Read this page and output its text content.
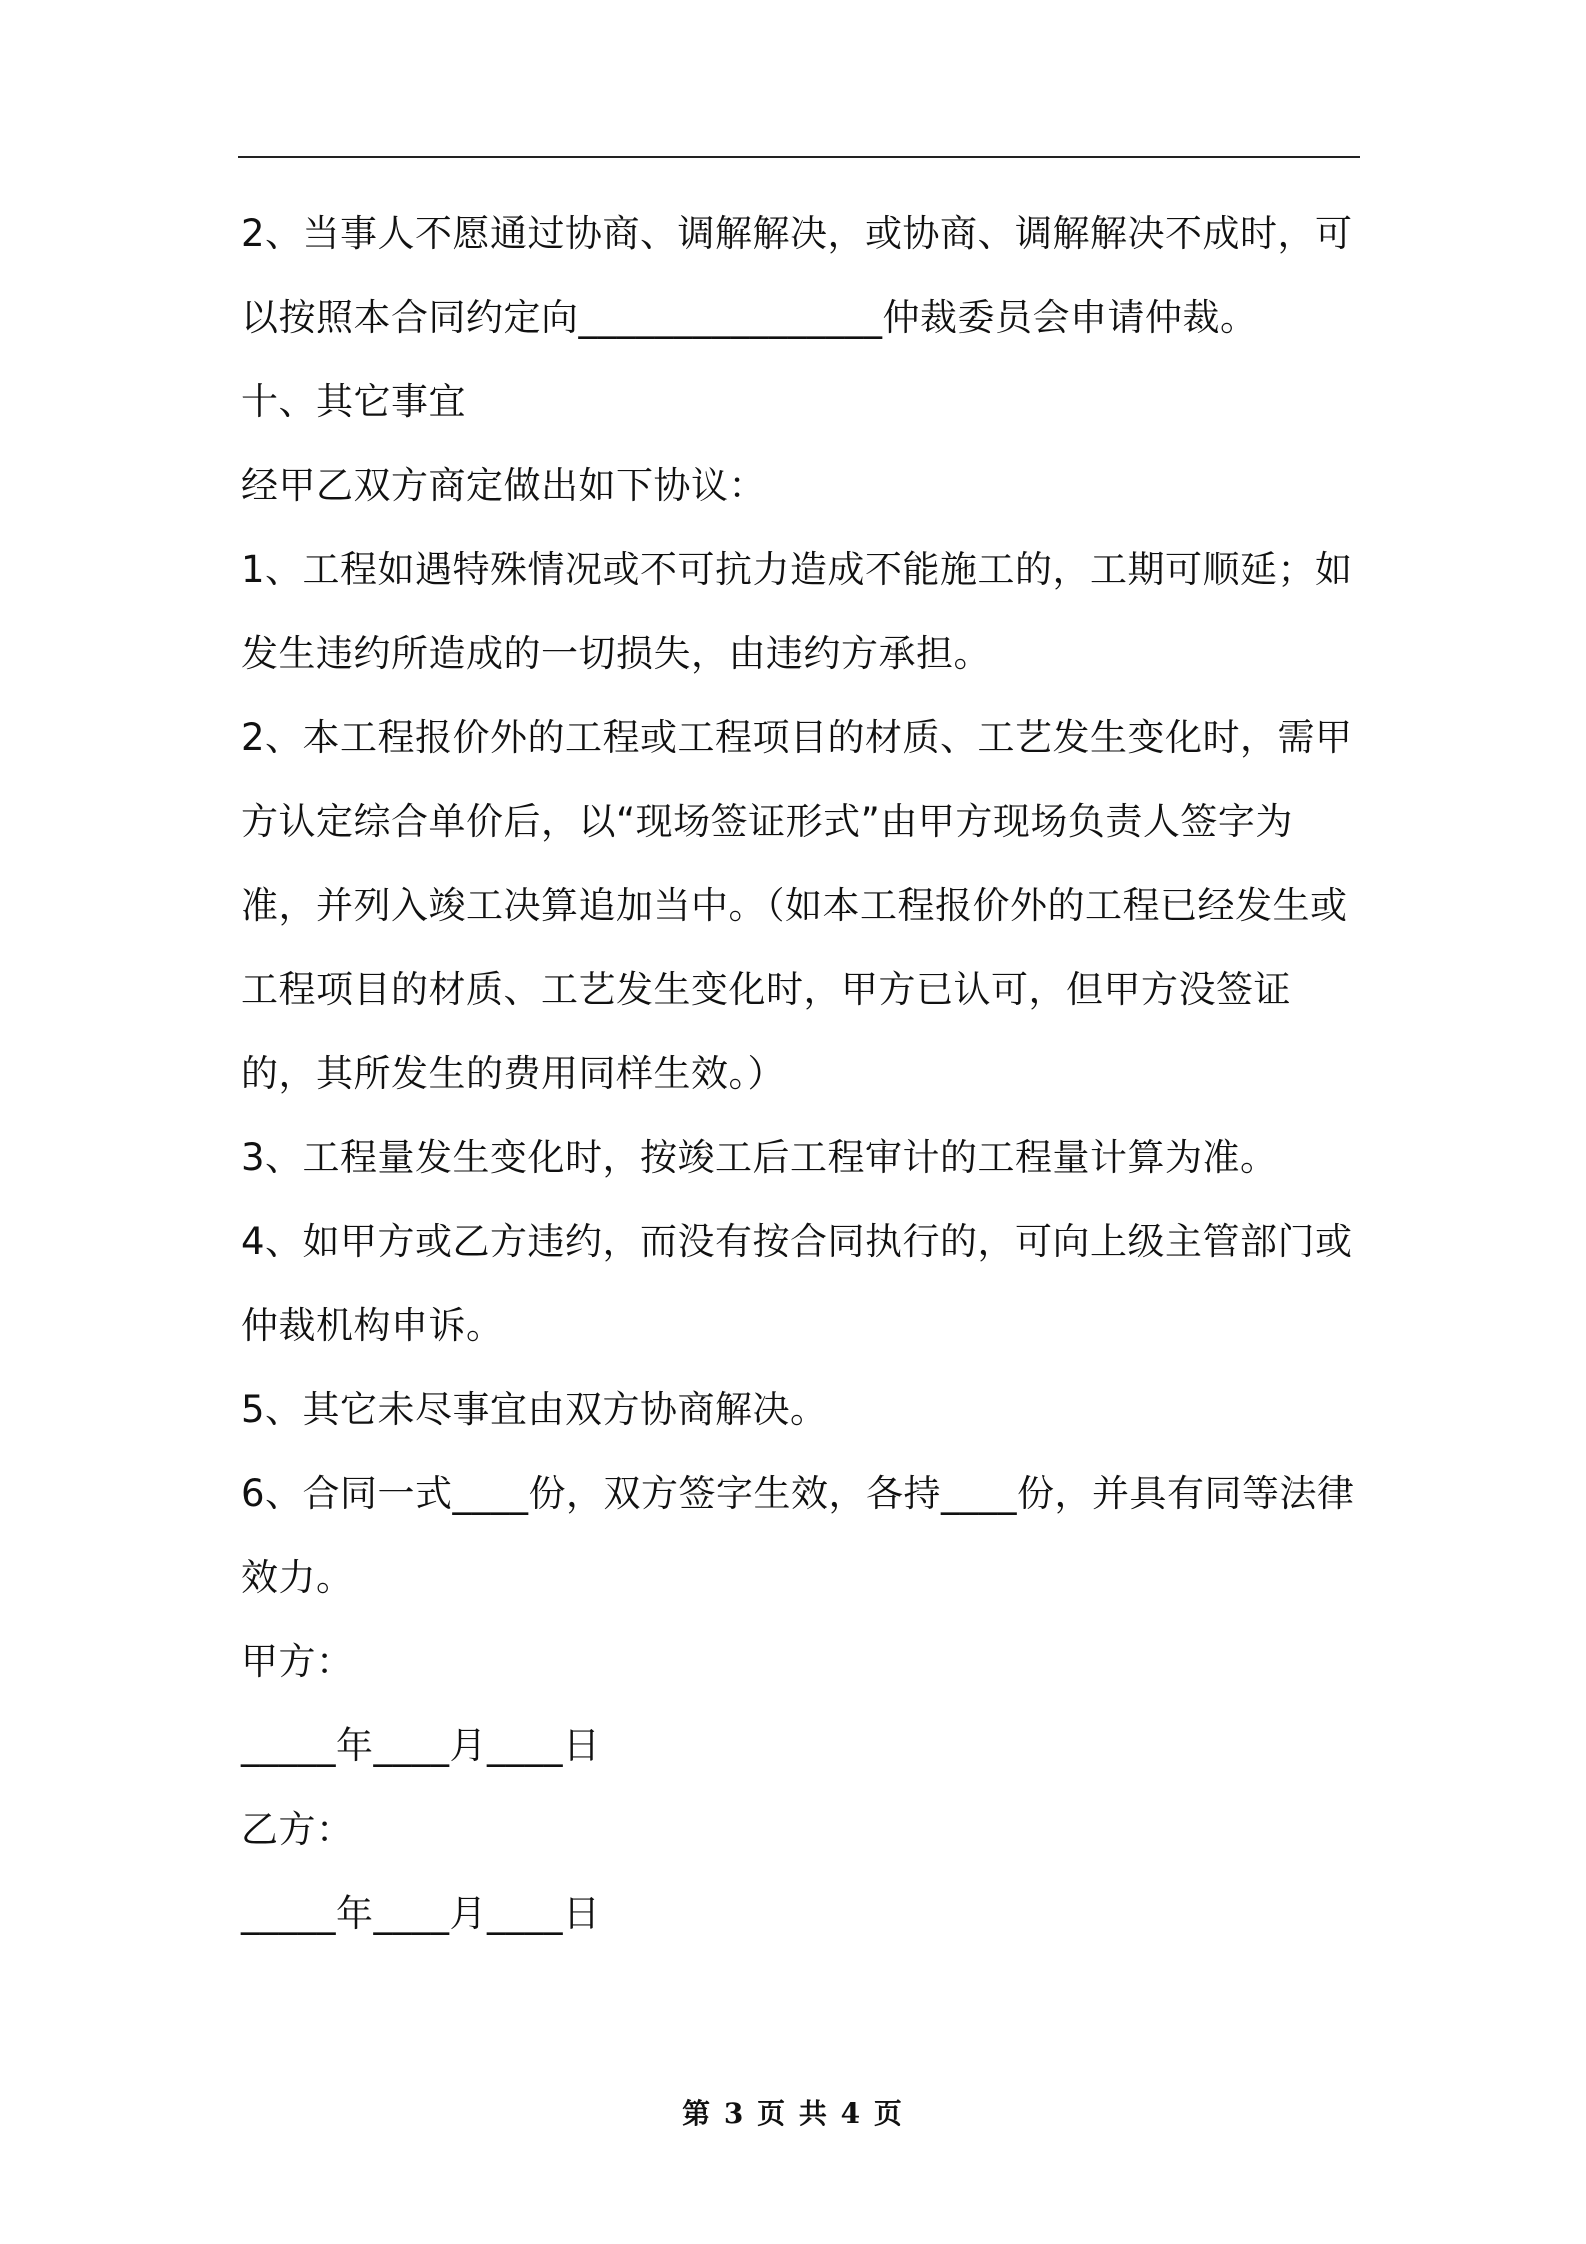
2、当事人不愿通过协商、调解解决，或协商、调解解决不成时，可以按照本合同约定向________________仲裁委员会申请仲裁。

十、其它事宜

经甲乙双方商定做出如下协议：

1、工程如遇特殊情况或不可抗力造成不能施工的，工期可顺延；如发生违约所造成的一切损失，由违约方承担。

2、本工程报价外的工程或工程项目的材质、工艺发生变化时，需甲方认定综合单价后，以“现场签证形式”由甲方现场负责人签字为准，并列入竣工决算追加当中。（如本工程报价外的工程已经发生或工程项目的材质、工艺发生变化时，甲方已认可，但甲方没签证的，其所发生的费用同样生效。）

3、工程量发生变化时，按竣工后工程审计的工程量计算为准。

4、如甲方或乙方违约，而没有按合同执行的，可向上级主管部门或仲裁机构申诉。

5、其它未尽事宜由双方协商解决。

6、合同一式____份，双方签字生效，各持____份，并具有同等法律效力。

甲方：

_____年____月____日

乙方：

_____年____月____日

第 3 页 共 4 页
